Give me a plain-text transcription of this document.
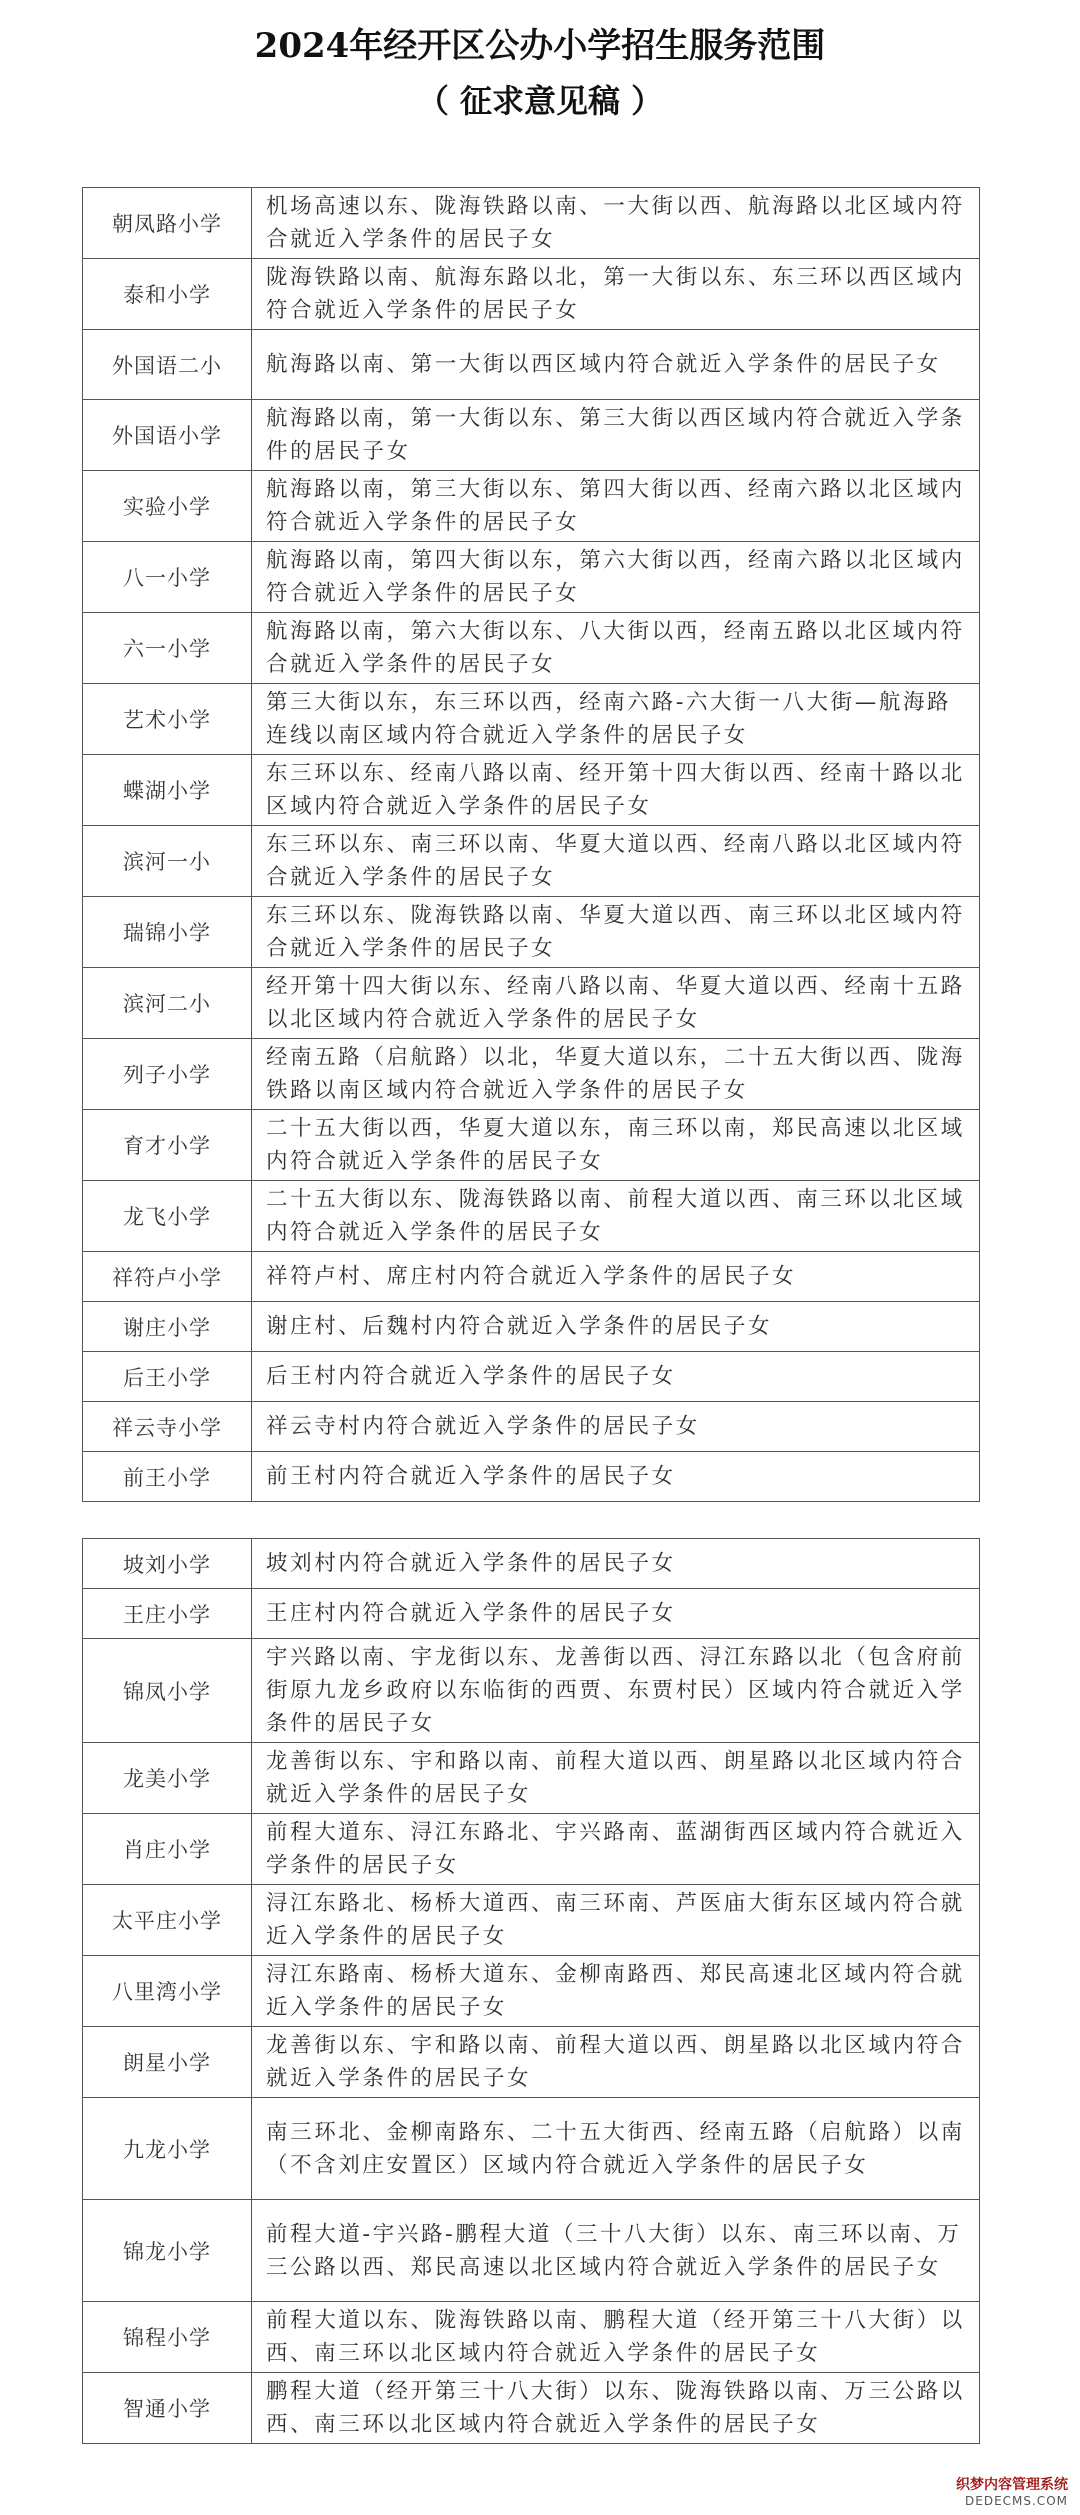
2024年经开区公办小学招生服务范围
（ 征求意见稿 ）
朝凤路小学	机场高速以东、陇海铁路以南、一大街以西、航海路以北区域内符合就近入学条件的居民子女
泰和小学	陇海铁路以南、航海东路以北，第一大街以东、东三环以西区域内符合就近入学条件的居民子女
外国语二小	航海路以南、第一大街以西区域内符合就近入学条件的居民子女
外国语小学	航海路以南，第一大街以东、第三大街以西区域内符合就近入学条件的居民子女
实验小学	航海路以南，第三大街以东、第四大街以西、经南六路以北区域内符合就近入学条件的居民子女
八一小学	航海路以南，第四大街以东，第六大街以西，经南六路以北区域内符合就近入学条件的居民子女
六一小学	航海路以南，第六大街以东、八大街以西，经南五路以北区域内符合就近入学条件的居民子女
艺术小学	第三大街以东，东三环以西，经南六路-六大街一八大街—航海路连线以南区域内符合就近入学条件的居民子女
蝶湖小学	东三环以东、经南八路以南、经开第十四大街以西、经南十路以北区域内符合就近入学条件的居民子女
滨河一小	东三环以东、南三环以南、华夏大道以西、经南八路以北区域内符合就近入学条件的居民子女
瑞锦小学	东三环以东、陇海铁路以南、华夏大道以西、南三环以北区域内符合就近入学条件的居民子女
滨河二小	经开第十四大街以东、经南八路以南、华夏大道以西、经南十五路以北区域内符合就近入学条件的居民子女
列子小学	经南五路（启航路）以北，华夏大道以东，二十五大街以西、陇海铁路以南区域内符合就近入学条件的居民子女
育才小学	二十五大街以西，华夏大道以东，南三环以南，郑民高速以北区域内符合就近入学条件的居民子女
龙飞小学	二十五大街以东、陇海铁路以南、前程大道以西、南三环以北区域内符合就近入学条件的居民子女
祥符卢小学	祥符卢村、席庄村内符合就近入学条件的居民子女
谢庄小学	谢庄村、后魏村内符合就近入学条件的居民子女
后王小学	后王村内符合就近入学条件的居民子女
祥云寺小学	祥云寺村内符合就近入学条件的居民子女
前王小学	前王村内符合就近入学条件的居民子女
坡刘小学	坡刘村内符合就近入学条件的居民子女
王庄小学	王庄村内符合就近入学条件的居民子女
锦凤小学	宇兴路以南、宇龙街以东、龙善街以西、浔江东路以北（包含府前街原九龙乡政府以东临街的西贾、东贾村民）区域内符合就近入学条件的居民子女
龙美小学	龙善街以东、宇和路以南、前程大道以西、朗星路以北区域内符合就近入学条件的居民子女
肖庄小学	前程大道东、浔江东路北、宇兴路南、蓝湖街西区域内符合就近入学条件的居民子女
太平庄小学	浔江东路北、杨桥大道西、南三环南、芦医庙大街东区域内符合就近入学条件的居民子女
八里湾小学	浔江东路南、杨桥大道东、金柳南路西、郑民高速北区域内符合就近入学条件的居民子女
朗星小学	龙善街以东、宇和路以南、前程大道以西、朗星路以北区域内符合就近入学条件的居民子女
九龙小学	南三环北、金柳南路东、二十五大街西、经南五路（启航路）以南（不含刘庄安置区）区域内符合就近入学条件的居民子女
锦龙小学	前程大道-宇兴路-鹏程大道（三十八大街）以东、南三环以南、万三公路以西、郑民高速以北区域内符合就近入学条件的居民子女
锦程小学	前程大道以东、陇海铁路以南、鹏程大道（经开第三十八大街）以西、南三环以北区域内符合就近入学条件的居民子女
智通小学	鹏程大道（经开第三十八大街）以东、陇海铁路以南、万三公路以西、南三环以北区域内符合就近入学条件的居民子女
织梦内容管理系统
DEDECMS.COM
